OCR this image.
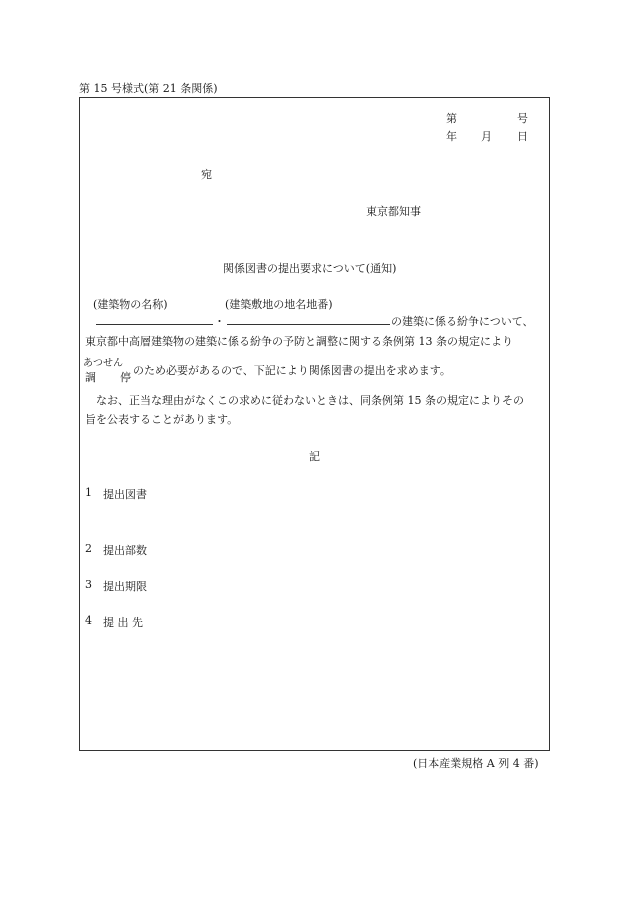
第 15 号様式(第 21 条関係)
第	号
年 月 日
宛
東京都知事
関係図書の提出要求について(通知)
(建築物の名称)	(建築敷地の地名地番)
・	の建築に係る紛争について、
東京都中高層建築物の建築に係る紛争の予防と調整に関する条例第 13 条の規定により
あつせん
調 停
のため必要があるので、下記により関係図書の提出を求めます。
なお、正当な理由がなくこの求めに従わないときは、同条例第 15 条の規定によりその
旨を公表することがあります。
記
1 提出図書
2 提出部数
3 提出期限
4 提 出 先
(日本産業規格 A 列 4 番)
